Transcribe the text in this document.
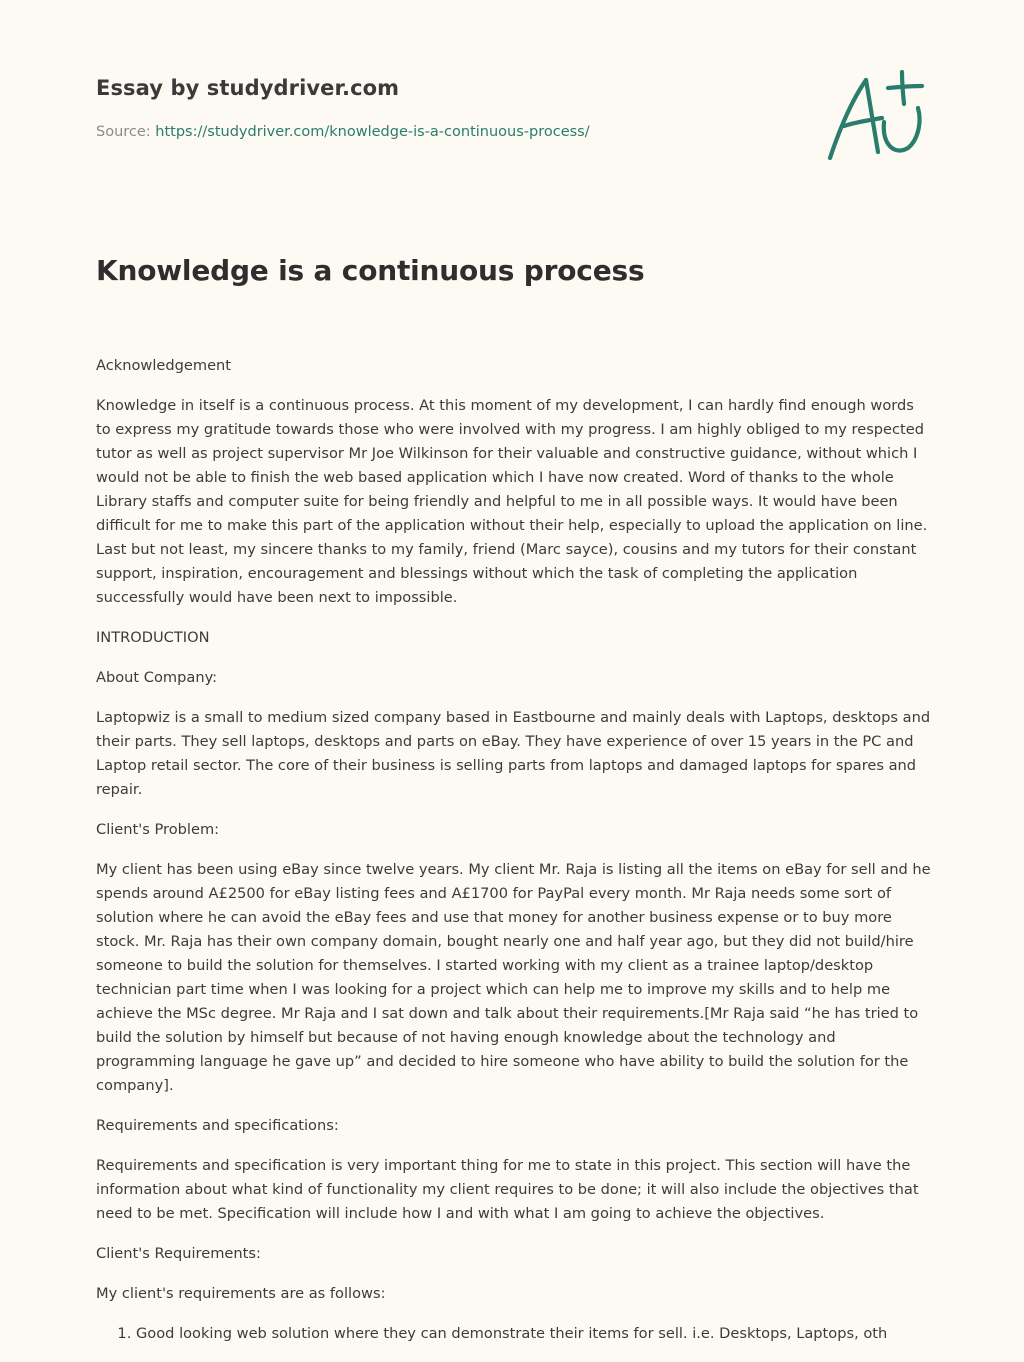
Essay by studydriver.com
Source: https://studydriver.com/knowledge-is-a-continuous-process/
Knowledge is a continuous process

Acknowledgement

Knowledge in itself is a continuous process. At this moment of my development, I can hardly find enough words to express my gratitude towards those who were involved with my progress. I am highly obliged to my respected tutor as well as project supervisor Mr Joe Wilkinson for their valuable and constructive guidance, without which I would not be able to finish the web based application which I have now created. Word of thanks to the whole Library staffs and computer suite for being friendly and helpful to me in all possible ways. It would have been difficult for me to make this part of the application without their help, especially to upload the application on line. Last but not least, my sincere thanks to my family, friend (Marc sayce), cousins and my tutors for their constant support, inspiration, encouragement and blessings without which the task of completing the application successfully would have been next to impossible.

INTRODUCTION

About Company:

Laptopwiz is a small to medium sized company based in Eastbourne and mainly deals with Laptops, desktops and their parts. They sell laptops, desktops and parts on eBay. They have experience of over 15 years in the PC and Laptop retail sector. The core of their business is selling parts from laptops and damaged laptops for spares and repair.

Client's Problem:

My client has been using eBay since twelve years. My client Mr. Raja is listing all the items on eBay for sell and he spends around A£2500 for eBay listing fees and A£1700 for PayPal every month. Mr Raja needs some sort of solution where he can avoid the eBay fees and use that money for another business expense or to buy more stock. Mr. Raja has their own company domain, bought nearly one and half year ago, but they did not build/hire someone to build the solution for themselves. I started working with my client as a trainee laptop/desktop technician part time when I was looking for a project which can help me to improve my skills and to help me achieve the MSc degree. Mr Raja and I sat down and talk about their requirements.[Mr Raja said “he has tried to build the solution by himself but because of not having enough knowledge about the technology and programming language he gave up” and decided to hire someone who have ability to build the solution for the company].

Requirements and specifications:

Requirements and specification is very important thing for me to state in this project. This section will have the information about what kind of functionality my client requires to be done; it will also include the objectives that need to be met. Specification will include how I and with what I am going to achieve the objectives.

Client's Requirements:

My client's requirements are as follows:

1. Good looking web solution where they can demonstrate their items for sell. i.e. Desktops, Laptops, oth
